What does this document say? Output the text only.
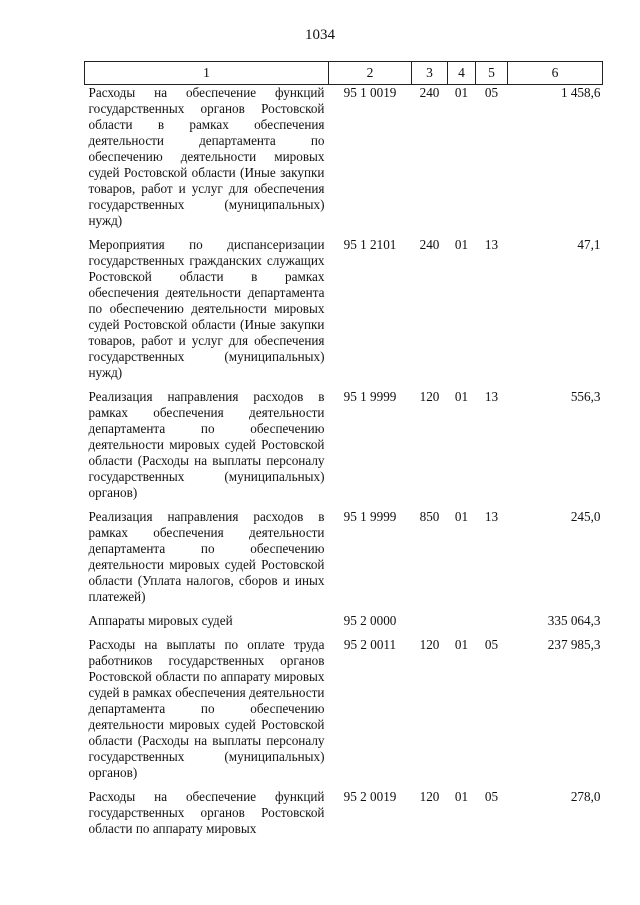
1034
1	2	3	4	5	6
Расходы на обеспечение функций государственных органов Ростовской области в рамках обеспечения деятельности департамента по обеспечению деятельности мировых судей Ростовской области (Иные закупки товаров, работ и услуг для обеспечения государственных (муниципальных) нужд)	95 1 0019	240	01	05	1 458,6
Мероприятия по диспансеризации государственных гражданских служащих Ростовской области в рамках обеспечения деятельности департамента по обеспечению деятельности мировых судей Ростовской области (Иные закупки товаров, работ и услуг для обеспечения государственных (муниципальных) нужд)	95 1 2101	240	01	13	47,1
Реализация направления расходов в рамках обеспечения деятельности департамента по обеспечению деятельности мировых судей Ростовской области (Расходы на выплаты персоналу государственных (муниципальных) органов)	95 1 9999	120	01	13	556,3
Реализация направления расходов в рамках обеспечения деятельности департамента по обеспечению деятельности мировых судей Ростовской области (Уплата налогов, сборов и иных платежей)	95 1 9999	850	01	13	245,0
Аппараты мировых судей	95 2 0000				335 064,3
Расходы на выплаты по оплате труда работников государственных органов Ростовской области по аппарату мировых судей в рамках обеспечения деятельности департамента по обеспечению деятельности мировых судей Ростовской области (Расходы на выплаты персоналу государственных (муниципальных) органов)	95 2 0011	120	01	05	237 985,3
Расходы на обеспечение функций государственных органов Ростовской области по аппарату мировых	95 2 0019	120	01	05	278,0
